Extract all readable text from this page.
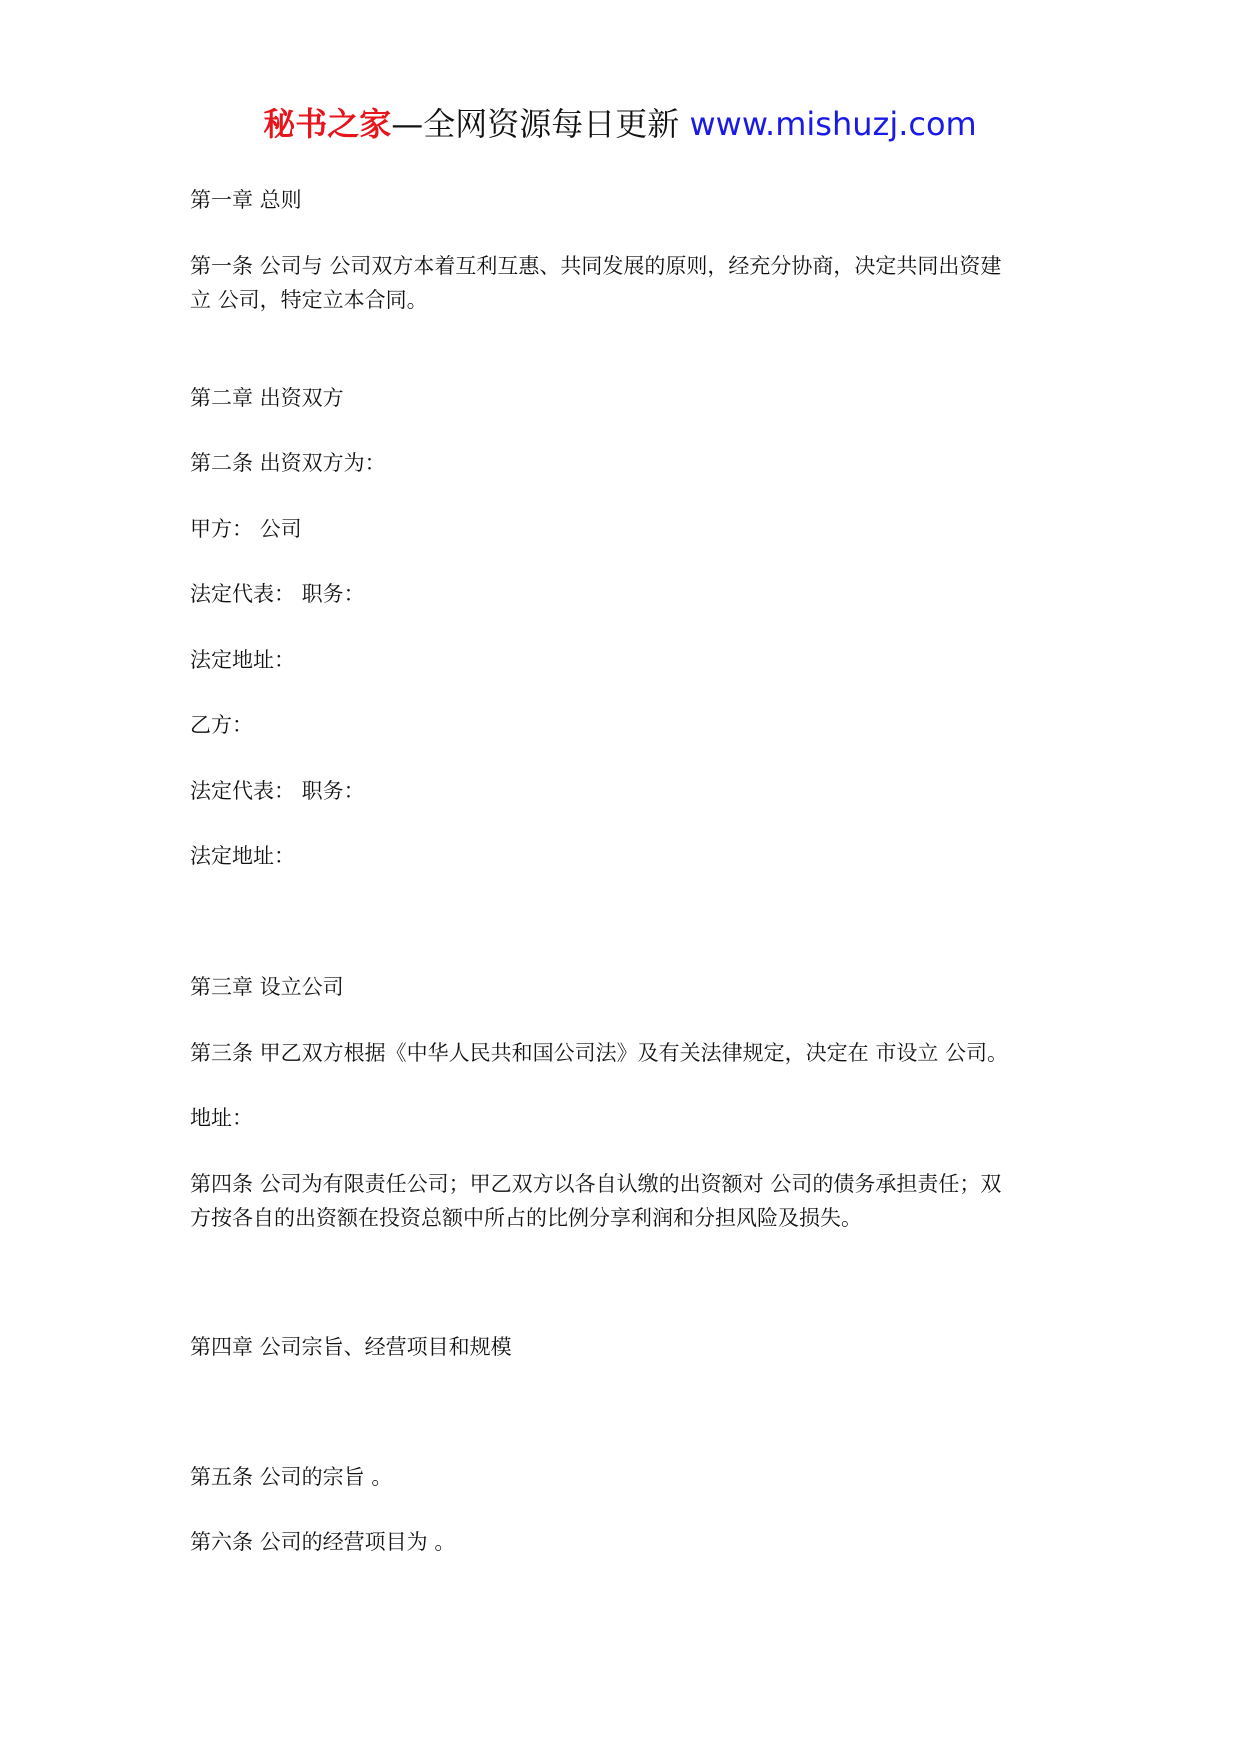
秘书之家—全网资源每日更新 www.mishuzj.com
第一章 总则
第一条 公司与 公司双方本着互利互惠、共同发展的原则，经充分协商，决定共同出资建
立 公司，特定立本合同。
第二章 出资双方
第二条 出资双方为：
甲方： 公司
法定代表： 职务：
法定地址：
乙方：
法定代表： 职务：
法定地址：
第三章 设立公司
第三条 甲乙双方根据《中华人民共和国公司法》及有关法律规定，决定在 市设立 公司。
地址：
第四条 公司为有限责任公司；甲乙双方以各自认缴的出资额对 公司的债务承担责任；双
方按各自的出资额在投资总额中所占的比例分享利润和分担风险及损失。
第四章 公司宗旨、经营项目和规模
第五条 公司的宗旨 。
第六条 公司的经营项目为 。
